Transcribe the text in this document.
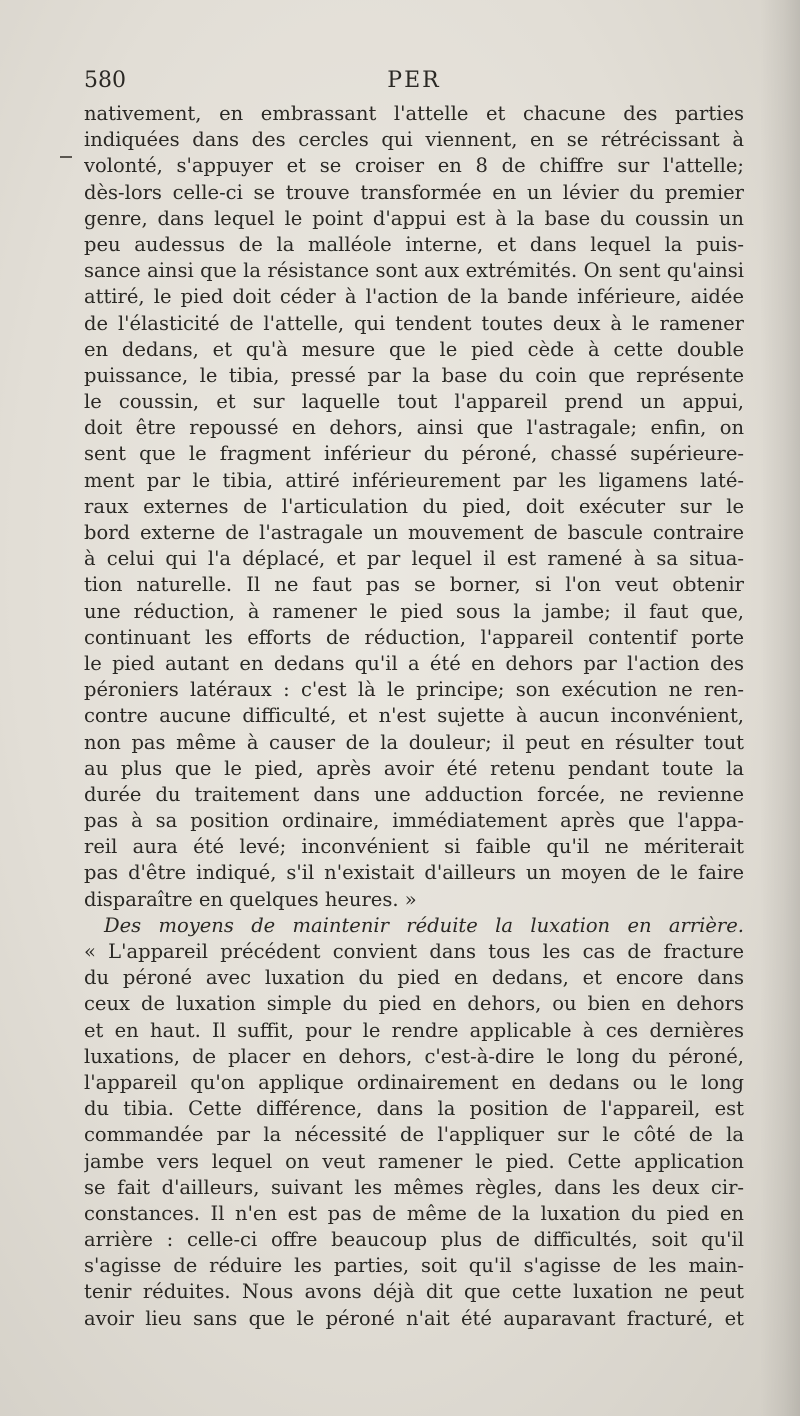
580	PER
nativement, en embrassant l'attelle et chacune des parties
indiquées dans des cercles qui viennent, en se rétrécissant à
volonté, s'appuyer et se croiser en 8 de chiffre sur l'attelle;
dès-lors celle-ci se trouve transformée en un lévier du premier
genre, dans lequel le point d'appui est à la base du coussin un
peu audessus de la malléole interne, et dans lequel la puis-
sance ainsi que la résistance sont aux extrémités. On sent qu'ainsi
attiré, le pied doit céder à l'action de la bande inférieure, aidée
de l'élasticité de l'attelle, qui tendent toutes deux à le ramener
en dedans, et qu'à mesure que le pied cède à cette double
puissance, le tibia, pressé par la base du coin que représente
le coussin, et sur laquelle tout l'appareil prend un appui,
doit être repoussé en dehors, ainsi que l'astragale; enfin, on
sent que le fragment inférieur du péroné, chassé supérieure-
ment par le tibia, attiré inférieurement par les ligamens laté-
raux externes de l'articulation du pied, doit exécuter sur le
bord externe de l'astragale un mouvement de bascule contraire
à celui qui l'a déplacé, et par lequel il est ramené à sa situa-
tion naturelle. Il ne faut pas se borner, si l'on veut obtenir
une réduction, à ramener le pied sous la jambe; il faut que,
continuant les efforts de réduction, l'appareil contentif porte
le pied autant en dedans qu'il a été en dehors par l'action des
péroniers latéraux : c'est là le principe; son exécution ne ren-
contre aucune difficulté, et n'est sujette à aucun inconvénient,
non pas même à causer de la douleur; il peut en résulter tout
au plus que le pied, après avoir été retenu pendant toute la
durée du traitement dans une adduction forcée, ne revienne
pas à sa position ordinaire, immédiatement après que l'appa-
reil aura été levé; inconvénient si faible qu'il ne mériterait
pas d'être indiqué, s'il n'existait d'ailleurs un moyen de le faire
disparaître en quelques heures. »
Des moyens de maintenir réduite la luxation en arrière.
« L'appareil précédent convient dans tous les cas de fracture
du péroné avec luxation du pied en dedans, et encore dans
ceux de luxation simple du pied en dehors, ou bien en dehors
et en haut. Il suffit, pour le rendre applicable à ces dernières
luxations, de placer en dehors, c'est-à-dire le long du péroné,
l'appareil qu'on applique ordinairement en dedans ou le long
du tibia. Cette différence, dans la position de l'appareil, est
commandée par la nécessité de l'appliquer sur le côté de la
jambe vers lequel on veut ramener le pied. Cette application
se fait d'ailleurs, suivant les mêmes règles, dans les deux cir-
constances. Il n'en est pas de même de la luxation du pied en
arrière : celle-ci offre beaucoup plus de difficultés, soit qu'il
s'agisse de réduire les parties, soit qu'il s'agisse de les main-
tenir réduites. Nous avons déjà dit que cette luxation ne peut
avoir lieu sans que le péroné n'ait été auparavant fracturé, et
